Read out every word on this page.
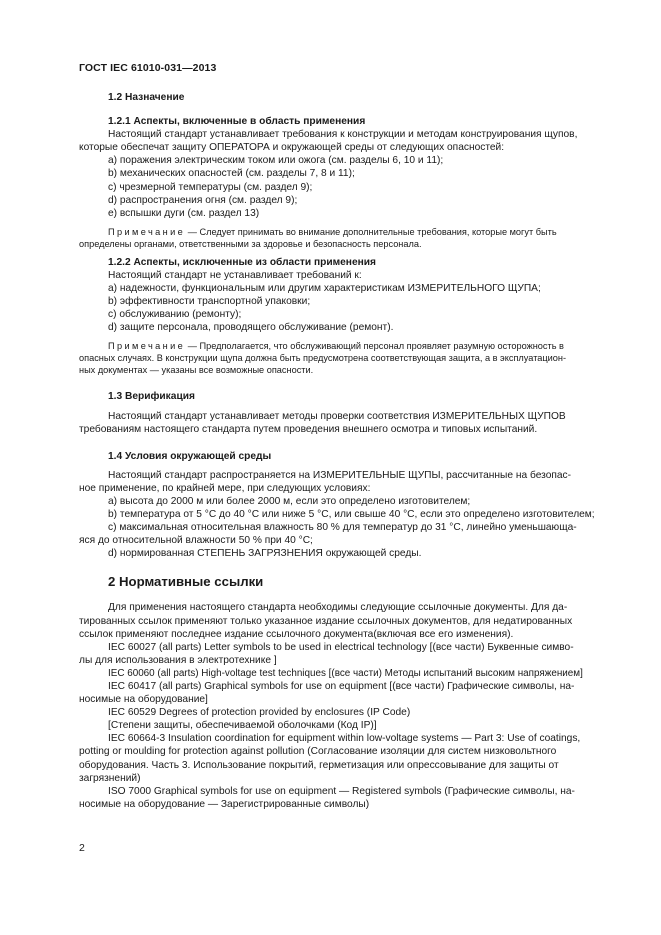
ГОСТ IEC 61010-031—2013

1.2 Назначение

1.2.1 Аспекты, включенные в область применения

Настоящий стандарт устанавливает требования к конструкции и методам конструирования щупов,

которые обеспечат защиту ОПЕРАТОРА и окружающей среды от следующих опасностей:

a) поражения электрическим током или ожога (см. разделы 6, 10 и 11);

b) механических опасностей (см. разделы 7, 8 и 11);

c) чрезмерной температуры (см. раздел 9);

d) распространения огня (см. раздел 9);

e) вспышки дуги (см. раздел 13)

Примечание — Следует принимать во внимание дополнительные требования, которые могут быть

определены органами, ответственными за здоровье и безопасность персонала.

1.2.2 Аспекты, исключенные из области применения

Настоящий стандарт не устанавливает требований к:

a) надежности, функциональным или другим характеристикам ИЗМЕРИТЕЛЬНОГО ЩУПА;

b) эффективности транспортной упаковки;

c) обслуживанию (ремонту);

d) защите персонала, проводящего обслуживание (ремонт).

Примечание — Предполагается, что обслуживающий персонал проявляет разумную осторожность в

опасных случаях. В конструкции щупа должна быть предусмотрена соответствующая защита, а в эксплуатацион-

ных документах — указаны все возможные опасности.

1.3 Верификация

Настоящий стандарт устанавливает методы проверки соответствия ИЗМЕРИТЕЛЬНЫХ ЩУПОВ

требованиям настоящего стандарта путем проведения внешнего осмотра и типовых испытаний.

1.4 Условия окружающей среды

Настоящий стандарт распространяется на ИЗМЕРИТЕЛЬНЫЕ ЩУПЫ, рассчитанные на безопас-

ное применение, по крайней мере, при следующих условиях:

a) высота до 2000 м или более 2000 м, если это определено изготовителем;

b) температура от 5 °С до 40 °С или ниже 5 °С, или свыше 40 °С, если это определено изготовителем;

c) максимальная относительная влажность 80 % для температур до 31 °С, линейно уменьшающа-

яся до относительной влажности 50 % при 40 °С;

d) нормированная СТЕПЕНЬ ЗАГРЯЗНЕНИЯ окружающей среды.

2 Нормативные ссылки

Для применения настоящего стандарта необходимы следующие ссылочные документы. Для да-

тированных ссылок применяют только указанное издание ссылочных документов, для недатированных

ссылок применяют последнее издание ссылочного документа(включая все его изменения).

IEC 60027 (all parts) Letter symbols to be used in electrical technology [(все части) Буквенные симво-

лы для использования в электротехнике ]

IEC 60060 (all parts) High-voltage test techniques [(все части) Методы испытаний высоким напряжением]

IEC 60417 (all parts) Graphical symbols for use on equipment [(все части) Графические символы, на-

носимые на оборудование]

IEC 60529 Degrees of protection provided by enclosures (IP Code)

[Степени защиты, обеспечиваемой оболочками (Код IP)]

IEC 60664-3 Insulation coordination for equipment within low-voltage systems — Part 3: Use of coatings,

potting or moulding for protection against pollution (Согласование изоляции для систем низковольтного

оборудования. Часть 3. Использование покрытий, герметизация или опрессовывание для защиты от

загрязнений)

ISO 7000 Graphical symbols for use on equipment — Registered symbols (Графические символы, на-

носимые на оборудование — Зарегистрированные символы)

2
